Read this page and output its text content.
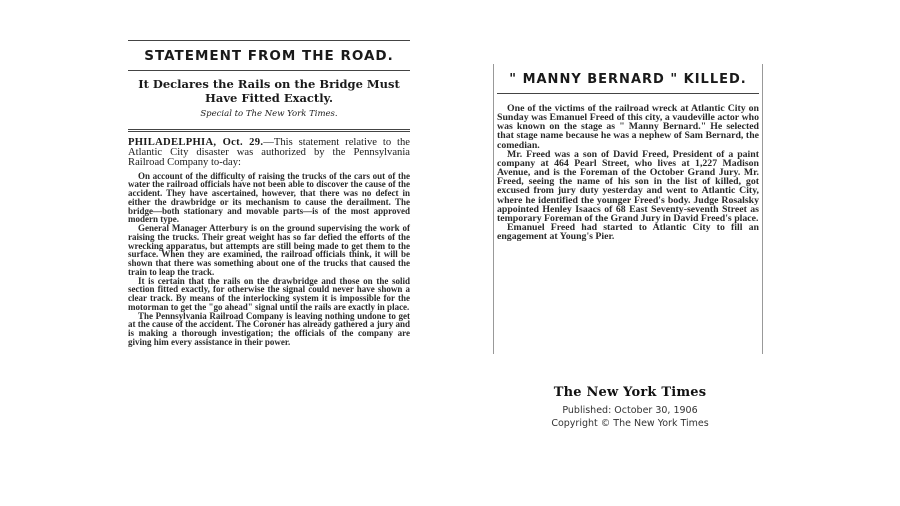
STATEMENT FROM THE ROAD.
It Declares the Rails on the Bridge Must Have Fitted Exactly.
Special to The New York Times.
PHILADELPHIA, Oct. 29.—This statement relative to the Atlantic City disaster was authorized by the Pennsylvania Railroad Company to-day:

On account of the difficulty of raising the trucks of the cars out of the water the railroad officials have not been able to discover the cause of the accident. They have ascertained, however, that there was no defect in either the drawbridge or its mechanism to cause the derailment. The bridge—both stationary and movable parts—is of the most approved modern type.

General Manager Atterbury is on the ground supervising the work of raising the trucks. Their great weight has so far defied the efforts of the wrecking apparatus, but attempts are still being made to get them to the surface. When they are examined, the railroad officials think, it will be shown that there was something about one of the trucks that caused the train to leap the track.

It is certain that the rails on the drawbridge and those on the solid section fitted exactly, for otherwise the signal could never have shown a clear track. By means of the interlocking system it is impossible for the motorman to get the "go ahead" signal until the rails are exactly in place.

The Pennsylvania Railroad Company is leaving nothing undone to get at the cause of the accident. The Coroner has already gathered a jury and is making a thorough investigation; the officials of the company are giving him every assistance in their power.

" MANNY BERNARD " KILLED.

One of the victims of the railroad wreck at Atlantic City on Sunday was Emanuel Freed of this city, a vaudeville actor who was known on the stage as " Manny Bernard." He selected that stage name because he was a nephew of Sam Bernard, the comedian.

Mr. Freed was a son of David Freed, President of a paint company at 464 Pearl Street, who lives at 1,227 Madison Avenue, and is the Foreman of the October Grand Jury. Mr. Freed, seeing the name of his son in the list of killed, got excused from jury duty yesterday and went to Atlantic City, where he identified the younger Freed's body. Judge Rosalsky appointed Henley Isaacs of 68 East Seventy-seventh Street as temporary Foreman of the Grand Jury in David Freed's place.

Emanuel Freed had started to Atlantic City to fill an engagement at Young's Pier.

The New York Times
Published: October 30, 1906
Copyright © The New York Times
